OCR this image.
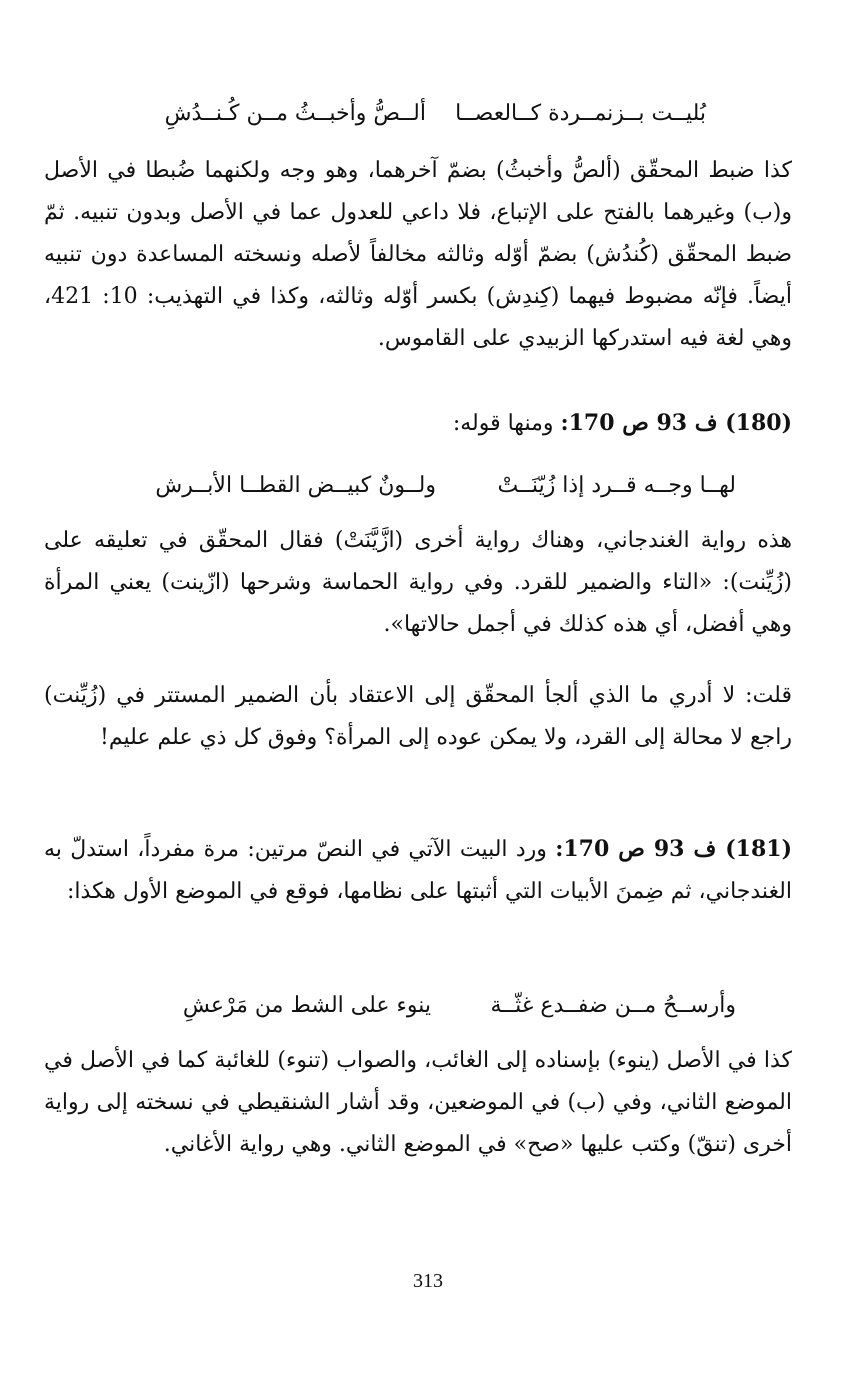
بُليــت بــزنمــردة كــالعصــا
ألــصُّ وأخبــثُ مــن كُـنــدُشِ

كذا ضبط المحقّق (ألصُّ وأخبثُ) بضمّ آخرهما، وهو وجه ولكنهما ضُبطا في الأصل و(ب) وغيرهما بالفتح على الإتباع، فلا داعي للعدول عما في الأصل وبدون تنبيه. ثمّ ضبط المحقّق (كُندُش) بضمّ أوّله وثالثه مخالفاً لأصله ونسخته المساعدة دون تنبيه أيضاً. فإنّه مضبوط فيهما (كِندِش) بكسر أوّله وثالثه، وكذا في التهذيب: 10: 421، وهي لغة فيه استدركها الزبيدي على القاموس.

(180) ف 93 ص 170: ومنها قوله:

لهــا وجــه قــرد إذا زُيّنَــتْ
ولــونٌ كبيــض القطــا الأبــرش

هذه رواية الغندجاني، وهناك رواية أخرى (ازَّيَّنَتْ) فقال المحقّق في تعليقه على (زُيِّنت): «التاء والضمير للقرد. وفي رواية الحماسة وشرحها (ازّينت) يعني المرأة وهي أفضل، أي هذه كذلك في أجمل حالاتها».

قلت: لا أدري ما الذي ألجأ المحقّق إلى الاعتقاد بأن الضمير المستتر في (زُيِّنت) راجع لا محالة إلى القرد، ولا يمكن عوده إلى المرأة؟ وفوق كل ذي علم عليم!

(181) ف 93 ص 170: ورد البيت الآتي في النصّ مرتين: مرة مفرداً، استدلّ به الغندجاني، ثم ضِمنَ الأبيات التي أثبتها على نظامها، فوقع في الموضع الأول هكذا:

وأرســحُ مــن ضفــدع غثّــة
ينوء على الشط من مَرْعشِ

كذا في الأصل (ينوء) بإسناده إلى الغائب، والصواب (تنوء) للغائبة كما في الأصل في الموضع الثاني، وفي (ب) في الموضعين، وقد أشار الشنقيطي في نسخته إلى رواية أخرى (تنقّ) وكتب عليها «صح» في الموضع الثاني. وهي رواية الأغاني.

313
